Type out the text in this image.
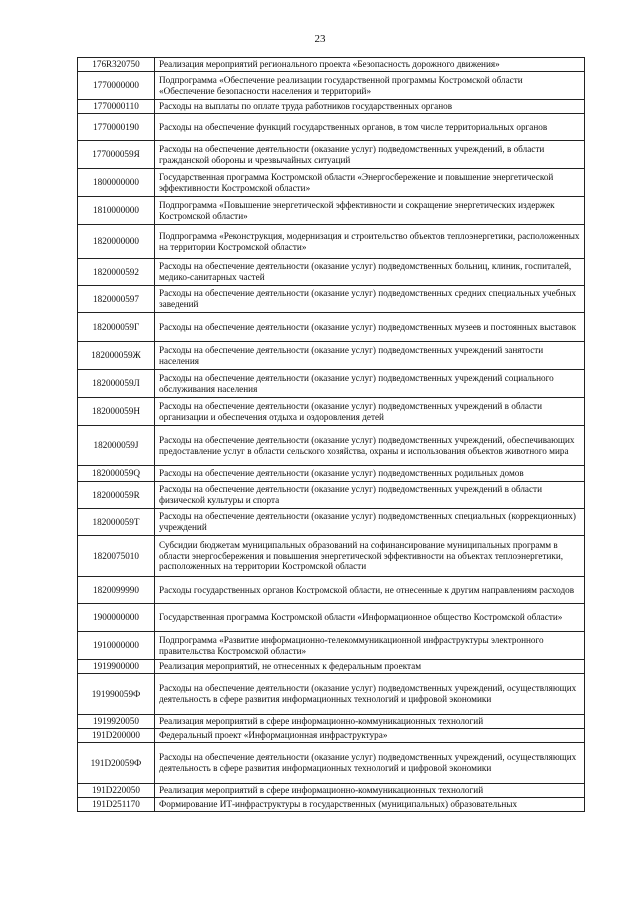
23
176R320750	Реализация мероприятий регионального проекта «Безопасность дорожного движения»
1770000000	Подпрограмма «Обеспечение реализации государственной программы Костромской области «Обеспечение безопасности населения и территорий»
1770000110	Расходы на выплаты по оплате труда работников государственных органов
1770000190	Расходы на обеспечение функций государственных органов, в том числе территориальных органов
177000059Я	Расходы на обеспечение деятельности (оказание услуг) подведомственных учреждений, в области гражданской обороны и чрезвычайных ситуаций
1800000000	Государственная программа Костромской области «Энергосбережение и повышение энергетической эффективности Костромской области»
1810000000	Подпрограмма «Повышение энергетической эффективности и сокращение энергетических издержек Костромской области»
1820000000	Подпрограмма «Реконструкция, модернизация и строительство объектов теплоэнергетики, расположенных на территории Костромской области»
1820000592	Расходы на обеспечение деятельности (оказание услуг) подведомственных больниц, клиник, госпиталей, медико-санитарных частей
1820000597	Расходы на обеспечение деятельности (оказание услуг) подведомственных средних специальных учебных заведений
182000059Г	Расходы на обеспечение деятельности (оказание услуг) подведомственных музеев и постоянных выставок
182000059Ж	Расходы на обеспечение деятельности (оказание услуг) подведомственных учреждений занятости населения
182000059Л	Расходы на обеспечение деятельности (оказание услуг) подведомственных учреждений социального обслуживания населения
182000059Н	Расходы на обеспечение деятельности (оказание услуг) подведомственных учреждений в области организации и обеспечения отдыха и оздоровления детей
182000059J	Расходы на обеспечение деятельности (оказание услуг) подведомственных учреждений, обеспечивающих предоставление услуг в области сельского хозяйства, охраны и использования объектов животного мира
182000059Q	Расходы на обеспечение деятельности (оказание услуг) подведомственных родильных домов
182000059R	Расходы на обеспечение деятельности (оказание услуг) подведомственных учреждений в области физической культуры и спорта
182000059T	Расходы на обеспечение деятельности (оказание услуг) подведомственных специальных (коррекционных) учреждений
1820075010	Субсидии бюджетам муниципальных образований на софинансирование муниципальных программ в области энергосбережения и повышения энергетической эффективности на объектах теплоэнергетики, расположенных на территории Костромской области
1820099990	Расходы государственных органов Костромской области, не отнесенные к другим направлениям расходов
1900000000	Государственная программа Костромской области «Информационное общество Костромской области»
1910000000	Подпрограмма «Развитие информационно-телекоммуникационной инфраструктуры электронного правительства Костромской области»
1919900000	Реализация мероприятий, не отнесенных к федеральным проектам
191990059Ф	Расходы на обеспечение деятельности (оказание услуг) подведомственных учреждений, осуществляющих деятельность в сфере развития информационных технологий и цифровой экономики
1919920050	Реализация мероприятий в сфере информационно-коммуникационных технологий
191D200000	Федеральный проект «Информационная инфраструктура»
191D20059Ф	Расходы на обеспечение деятельности (оказание услуг) подведомственных учреждений, осуществляющих деятельность в сфере развития информационных технологий и цифровой экономики
191D220050	Реализация мероприятий в сфере информационно-коммуникационных технологий
191D251170	Формирование ИТ-инфраструктуры в государственных (муниципальных) образовательных
